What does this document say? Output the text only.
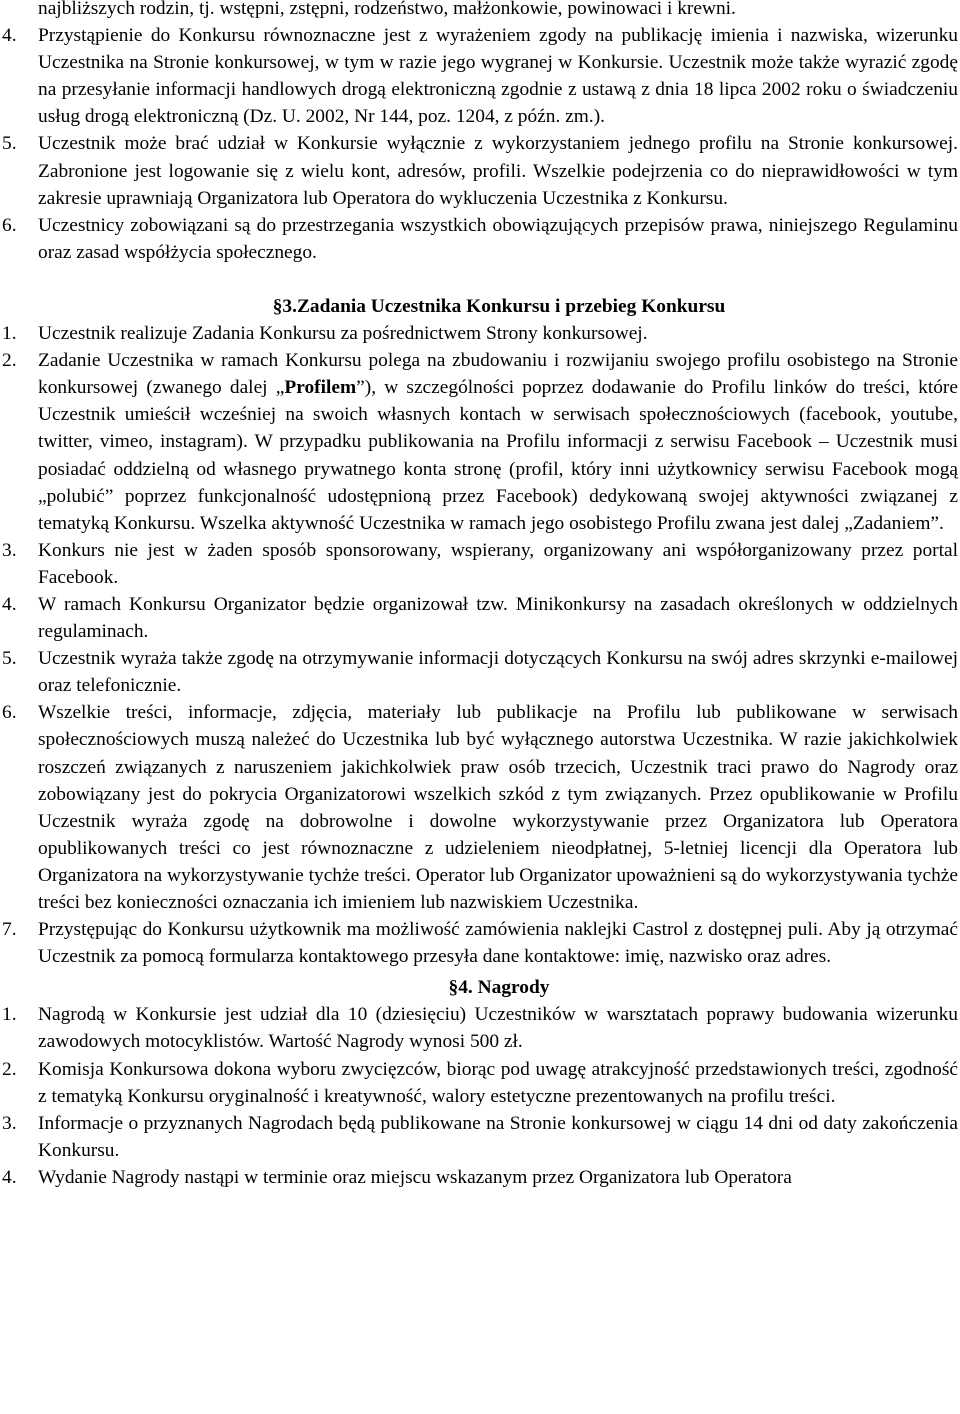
najbliższych rodzin, tj. wstępni, zstępni, rodzeństwo, małżonkowie, powinowaci i krewni.
4. Przystąpienie do Konkursu równoznaczne jest z wyrażeniem zgody na publikację imienia i nazwiska, wizerunku Uczestnika na Stronie konkursowej, w tym w razie jego wygranej w Konkursie. Uczestnik może także wyrazić zgodę na przesyłanie informacji handlowych drogą elektroniczną zgodnie z ustawą z dnia 18 lipca 2002 roku o świadczeniu usług drogą elektroniczną (Dz. U. 2002, Nr 144, poz. 1204, z późn. zm.).
5. Uczestnik może brać udział w Konkursie wyłącznie z wykorzystaniem jednego profilu na Stronie konkursowej. Zabronione jest logowanie się z wielu kont, adresów, profili. Wszelkie podejrzenia co do nieprawidłowości w tym zakresie uprawniają Organizatora lub Operatora do wykluczenia Uczestnika z Konkursu.
6. Uczestnicy zobowiązani są do przestrzegania wszystkich obowiązujących przepisów prawa, niniejszego Regulaminu oraz zasad współżycia społecznego.
§3.Zadania Uczestnika Konkursu i przebieg Konkursu
1. Uczestnik realizuje Zadania Konkursu za pośrednictwem Strony konkursowej.
2. Zadanie Uczestnika w ramach Konkursu polega na zbudowaniu i rozwijaniu swojego profilu osobistego na Stronie konkursowej (zwanego dalej „Profilem”), w szczególności poprzez dodawanie do Profilu linków do treści, które Uczestnik umieścił wcześniej na swoich własnych kontach w serwisach społecznościowych (facebook, youtube, twitter, vimeo, instagram). W przypadku publikowania na Profilu informacji z serwisu Facebook – Uczestnik musi posiadać oddzielną od własnego prywatnego konta stronę (profil, który inni użytkownicy serwisu Facebook mogą „polubić” poprzez funkcjonalność udostępnioną przez Facebook) dedykowaną swojej aktywności związanej z tematyką Konkursu. Wszelka aktywność Uczestnika w ramach jego osobistego Profilu zwana jest dalej „Zadaniem”.
3. Konkurs nie jest w żaden sposób sponsorowany, wspierany, organizowany ani współorganizowany przez portal Facebook.
4. W ramach Konkursu Organizator będzie organizował tzw. Minikonkursy na zasadach określonych w oddzielnych regulaminach.
5. Uczestnik wyraża także zgodę na otrzymywanie informacji dotyczących Konkursu na swój adres skrzynki e-mailowej oraz telefonicznie.
6. Wszelkie treści, informacje, zdjęcia, materiały lub publikacje na Profilu lub publikowane w serwisach społecznościowych muszą należeć do Uczestnika lub być wyłącznego autorstwa Uczestnika. W razie jakichkolwiek roszczeń związanych z naruszeniem jakichkolwiek praw osób trzecich, Uczestnik traci prawo do Nagrody oraz zobowiązany jest do pokrycia Organizatorowi wszelkich szkód z tym związanych. Przez opublikowanie w Profilu Uczestnik wyraża zgodę na dobrowolne i dowolne wykorzystywanie przez Organizatora lub Operatora opublikowanych treści co jest równoznaczne z udzieleniem nieodpłatnej, 5-letniej licencji dla Operatora lub Organizatora na wykorzystywanie tychże treści. Operator lub Organizator upoważnieni są do wykorzystywania tychże treści bez konieczności oznaczania ich imieniem lub nazwiskiem Uczestnika.
7. Przystępując do Konkursu użytkownik ma możliwość zamówienia naklejki Castrol z dostępnej puli. Aby ją otrzymać Uczestnik za pomocą formularza kontaktowego przesyła dane kontaktowe: imię, nazwisko oraz adres.
§4. Nagrody
1. Nagrodą w Konkursie jest udział dla 10 (dziesięciu) Uczestników w warsztatach poprawy budowania wizerunku zawodowych motocyklistów. Wartość Nagrody wynosi 500 zł.
2. Komisja Konkursowa dokona wyboru zwycięzców, biorąc pod uwagę atrakcyjność przedstawionych treści, zgodność z tematyką Konkursu oryginalność i kreatywność, walory estetyczne prezentowanych na profilu treści.
3. Informacje o przyznanych Nagrodach będą publikowane na Stronie konkursowej w ciągu 14 dni od daty zakończenia Konkursu.
4. Wydanie Nagrody nastąpi w terminie oraz miejscu wskazanym przez Organizatora lub Operatora
